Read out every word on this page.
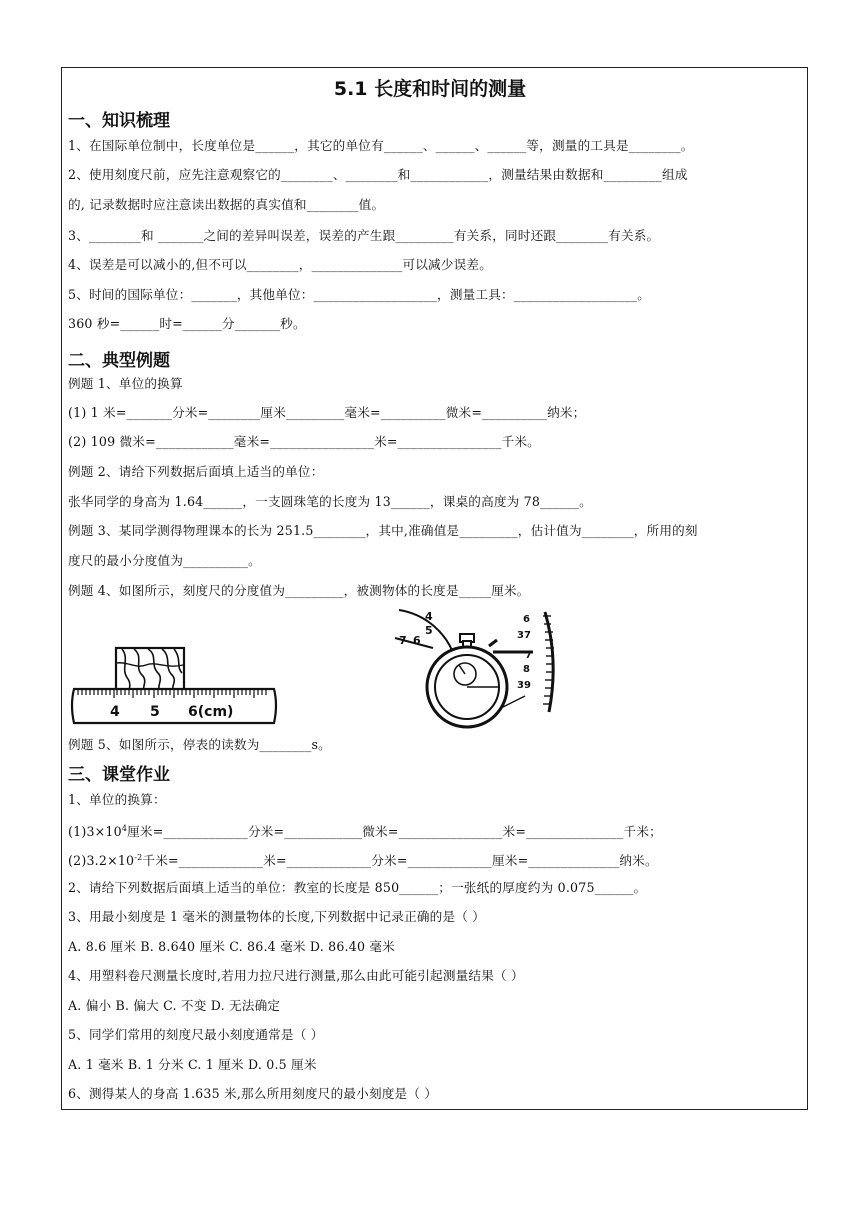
5.1 长度和时间的测量
一、知识梳理
1、在国际单位制中，长度单位是______，其它的单位有______、______、______等，测量的工具是________。
2、使用刻度尺前，应先注意观察它的________、________和____________，测量结果由数据和_________组成
的, 记录数据时应注意读出数据的真实值和________值。
3、________和 _______之间的差异叫误差，误差的产生跟_________有关系，同时还跟________有关系。
4、误差是可以减小的,但不可以________，______________可以减少误差。
5、时间的国际单位：_______，其他单位：___________________，测量工具：___________________。
360 秒=______时=______分_______秒。
二、典型例题
例题 1、单位的换算
(1) 1 米=_______分米=________厘米_________毫米=__________微米=__________纳米；
(2) 109 微米=____________毫米=________________米=________________千米。
例题 2、请给下列数据后面填上适当的单位：
张华同学的身高为 1.64______，一支圆珠笔的长度为 13______，课桌的高度为 78______。
例题 3、某同学测得物理课本的长为 251.5________，其中,准确值是_________，估计值为________，所用的刻
度尺的最小分度值为__________。
例题 4、如图所示，刻度尺的分度值为_________，被测物体的长度是_____厘米。
4 5 6(cm)
4
5
6
7
6
37
7
8
39
例题 5、如图所示，停表的读数为________s。
三、课堂作业
1、单位的换算：
$(1)3\times 10^4$厘米=_____________分米=____________微米=________________米=_______________千米；
$(2)3.2\times 10^{-2}$千米=_____________米=_____________分米=_____________厘米=______________纳米。
2、请给下列数据后面填上适当的单位：教室的长度是 850______；一张纸的厚度约为 0.075______。
3、用最小刻度是 1 毫米的测量物体的长度,下列数据中记录正确的是（ ）
A. 8.6 厘米 B. 8.640 厘米 C. 86.4 毫米 D. 86.40 毫米
4、用塑料卷尺测量长度时,若用力拉尺进行测量,那么由此可能引起测量结果（ ）
A. 偏小 B. 偏大 C. 不变 D. 无法确定
5、同学们常用的刻度尺最小刻度通常是（ ）
A. 1 毫米 B. 1 分米 C. 1 厘米 D. 0.5 厘米
6、测得某人的身高 1.635 米,那么所用刻度尺的最小刻度是（ ）
